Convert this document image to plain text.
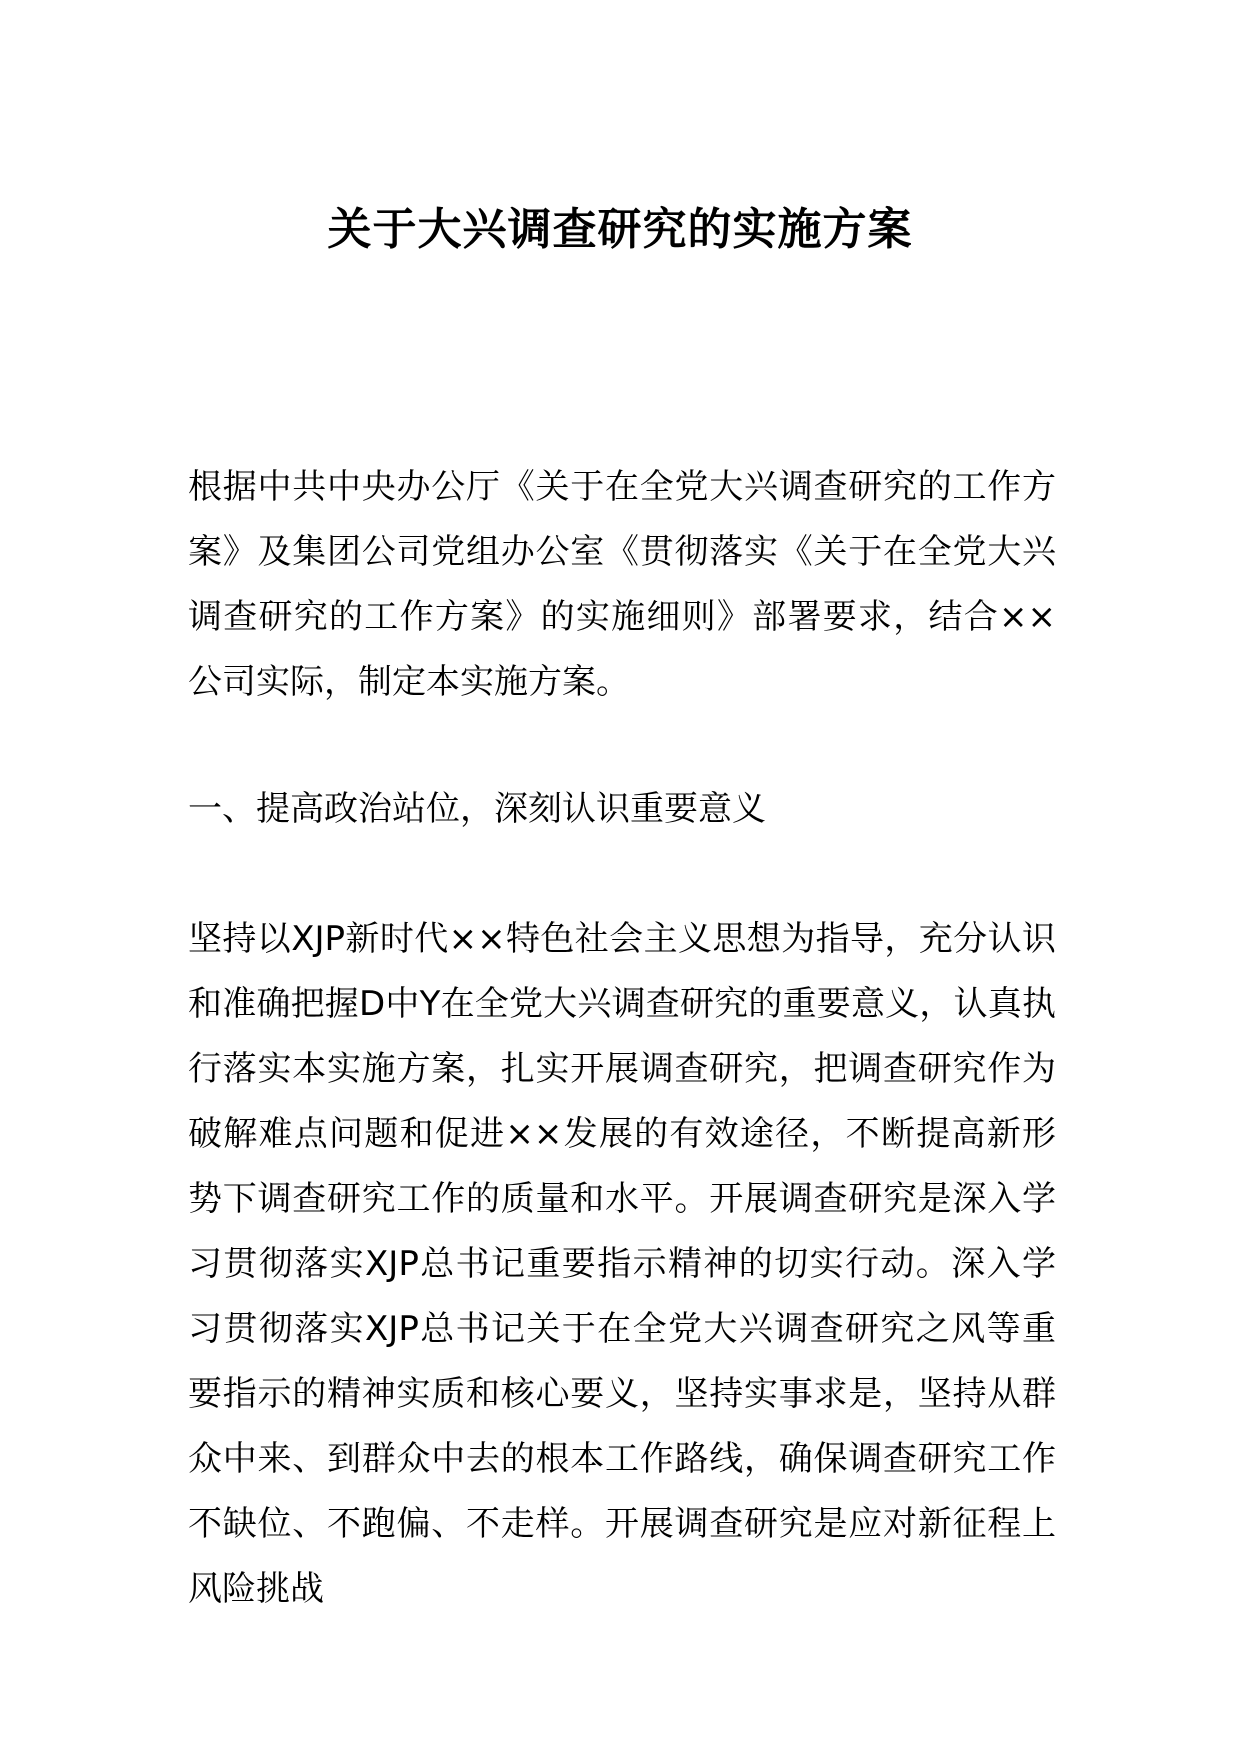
关于大兴调查研究的实施方案

根据中共中央办公厅《关于在全党大兴调查研究的工作方案》及集团公司党组办公室《贯彻落实《关于在全党大兴调查研究的工作方案》的实施细则》部署要求，结合××公司实际，制定本实施方案。

一、提高政治站位，深刻认识重要意义

坚持以XJP新时代××特色社会主义思想为指导，充分认识和准确把握D中Y在全党大兴调查研究的重要意义，认真执行落实本实施方案，扎实开展调查研究，把调查研究作为破解难点问题和促进××发展的有效途径，不断提高新形势下调查研究工作的质量和水平。开展调查研究是深入学习贯彻落实XJP总书记重要指示精神的切实行动。深入学习贯彻落实XJP总书记关于在全党大兴调查研究之风等重要指示的精神实质和核心要义，坚持实事求是，坚持从群众中来、到群众中去的根本工作路线，确保调查研究工作不缺位、不跑偏、不走样。开展调查研究是应对新征程上风险挑战
